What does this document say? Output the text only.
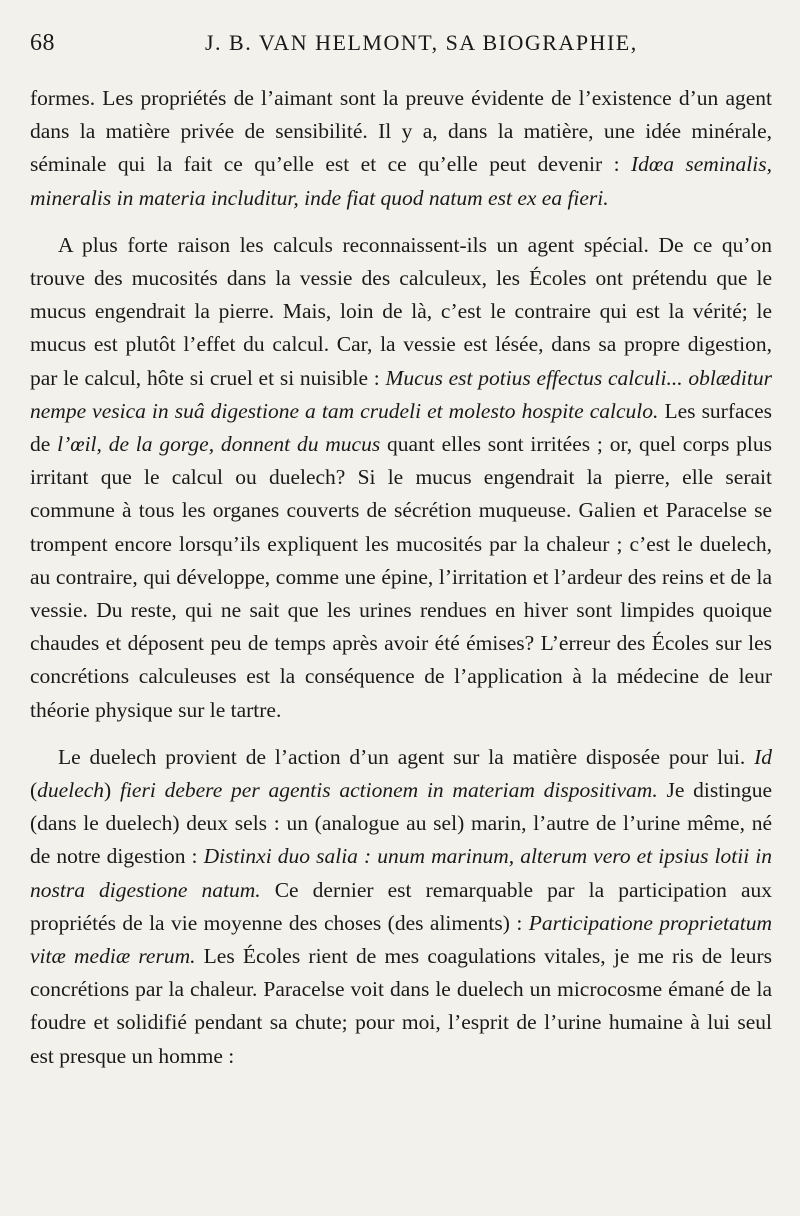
68	J. B. VAN HELMONT, SA BIOGRAPHIE,

formes. Les propriétés de l’aimant sont la preuve évidente de l’existence d’un agent dans la matière privée de sensibilité. Il y a, dans la matière, une idée minérale, séminale qui la fait ce qu’elle est et ce qu’elle peut devenir : Idœa seminalis, mineralis in materia includitur, inde fiat quod natum est ex ea fieri.

A plus forte raison les calculs reconnaissent-ils un agent spécial. De ce qu’on trouve des mucosités dans la vessie des calculeux, les Écoles ont prétendu que le mucus engendrait la pierre. Mais, loin de là, c’est le contraire qui est la vérité; le mucus est plutôt l’effet du calcul. Car, la vessie est lésée, dans sa propre digestion, par le calcul, hôte si cruel et si nuisible : Mucus est potius effectus calculi... oblæditur nempe vesica in suâ digestione a tam crudeli et molesto hospite calculo. Les surfaces de l’œil, de la gorge, donnent du mucus quant elles sont irritées ; or, quel corps plus irritant que le calcul ou duelech? Si le mucus engendrait la pierre, elle serait commune à tous les organes couverts de sécrétion muqueuse. Galien et Paracelse se trompent encore lorsqu’ils expliquent les mucosités par la chaleur ; c’est le duelech, au contraire, qui développe, comme une épine, l’irritation et l’ardeur des reins et de la vessie. Du reste, qui ne sait que les urines rendues en hiver sont limpides quoique chaudes et déposent peu de temps après avoir été émises? L’erreur des Écoles sur les concrétions calculeuses est la conséquence de l’application à la médecine de leur théorie physique sur le tartre.

Le duelech provient de l’action d’un agent sur la matière disposée pour lui. Id (duelech) fieri debere per agentis actionem in materiam dispositivam. Je distingue (dans le duelech) deux sels : un (analogue au sel) marin, l’autre de l’urine même, né de notre digestion : Distinxi duo salia : unum marinum, alterum vero et ipsius lotii in nostra digestione natum. Ce dernier est remarquable par la participation aux propriétés de la vie moyenne des choses (des aliments) : Participatione proprietatum vitæ mediæ rerum. Les Écoles rient de mes coagulations vitales, je me ris de leurs concrétions par la chaleur. Paracelse voit dans le duelech un microcosme émané de la foudre et solidifié pendant sa chute; pour moi, l’esprit de l’urine humaine à lui seul est presque un homme :
